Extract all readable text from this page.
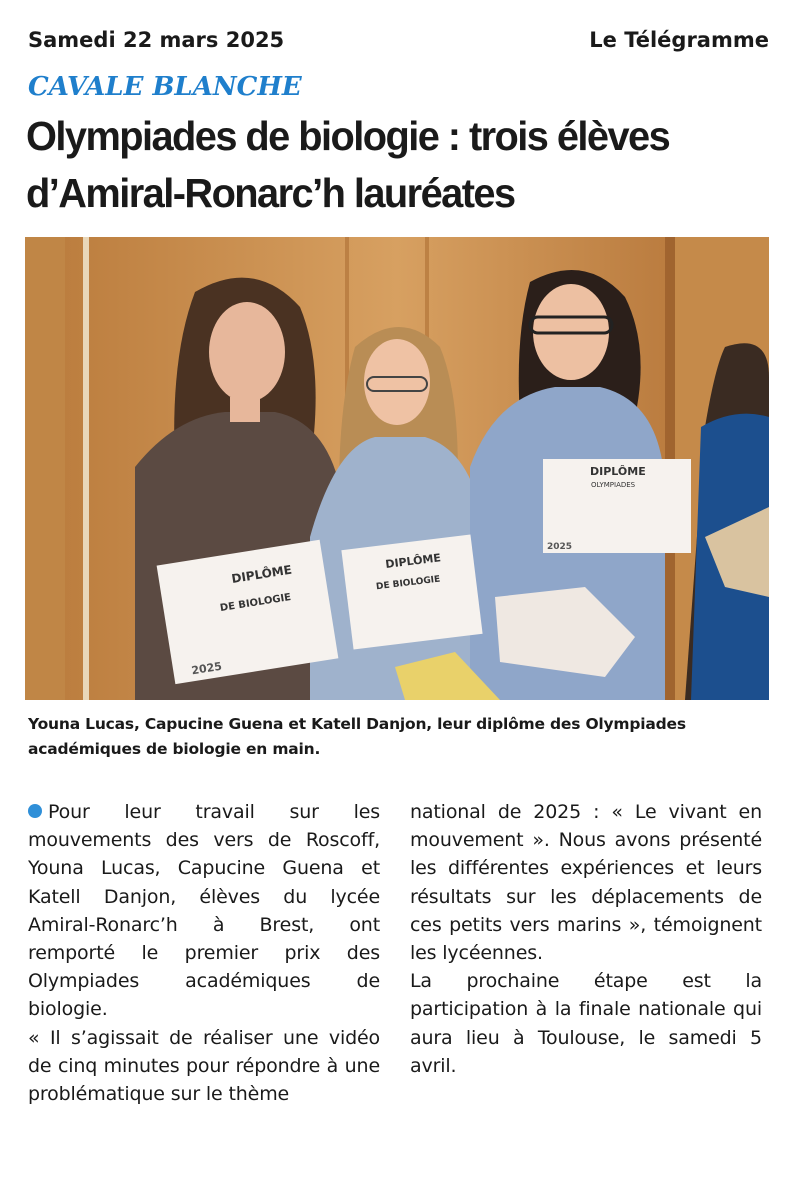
Samedi 22 mars 2025	Le Télégramme
CAVALE BLANCHE
Olympiades de biologie : trois élèves
d’Amiral-Ronarc’h lauréates
DIPLÔME
DE BIOLOGIE
2025
DIPLÔME
DE BIOLOGIE
DIPLÔME
OLYMPIADES
2025

Youna Lucas, Capucine Guena et Katell Danjon, leur diplôme des Olympiades académiques de biologie en main.

Pour leur travail sur les mouvements des vers de Roscoff, Youna Lucas, Capucine Guena et Katell Danjon, élèves du lycée Amiral-Ronarc’h à Brest, ont remporté le premier prix des Olympiades académiques de biologie.

« Il s’agissait de réaliser une vidéo de cinq minutes pour répondre à une problématique sur le thème

national de 2025 : « Le vivant en mouvement ». Nous avons présenté les différentes expériences et leurs résultats sur les déplacements de ces petits vers marins », témoignent les lycéennes.

La prochaine étape est la participation à la finale nationale qui aura lieu à Toulouse, le samedi 5 avril.
